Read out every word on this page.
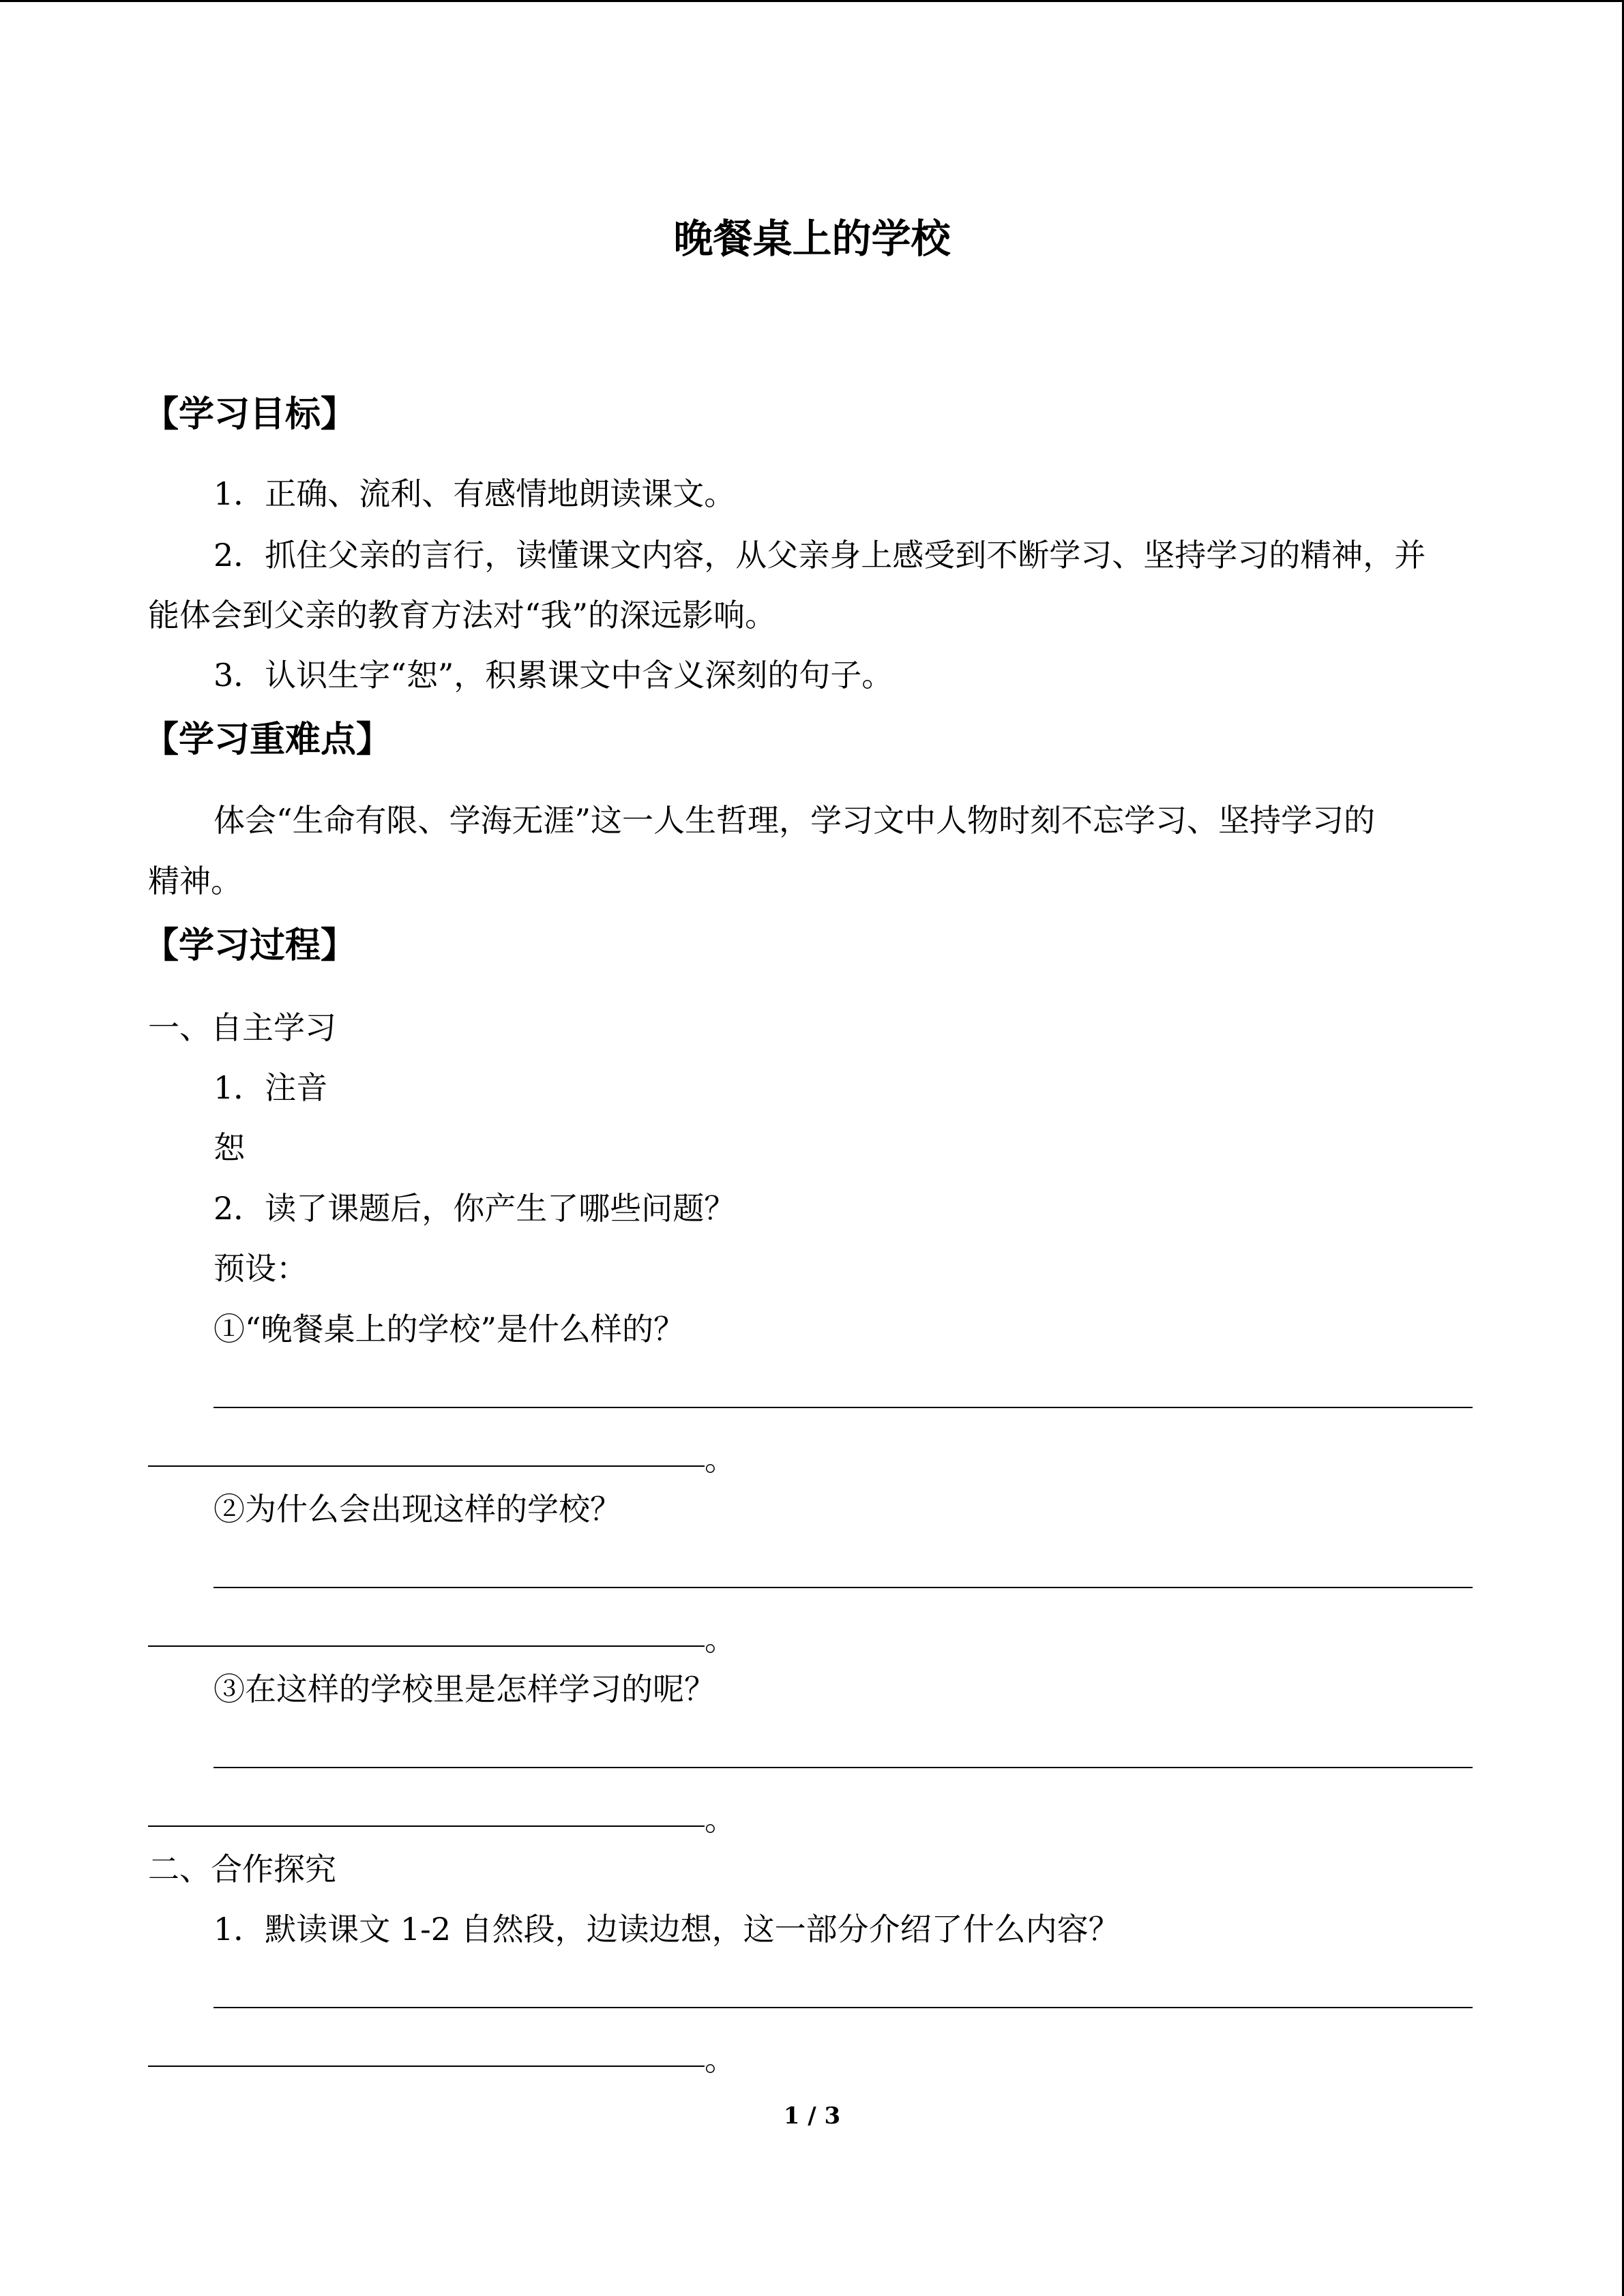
晚餐桌上的学校
【学习目标】
1．正确、流利、有感情地朗读课文。
2．抓住父亲的言行，读懂课文内容，从父亲身上感受到不断学习、坚持学习的精神，并
能体会到父亲的教育方法对“我”的深远影响。
3．认识生字“恕”，积累课文中含义深刻的句子。
【学习重难点】
体会“生命有限、学海无涯”这一人生哲理，学习文中人物时刻不忘学习、坚持学习的
精神。
【学习过程】
一、自主学习
1．注音
恕
2．读了课题后，你产生了哪些问题？
预设：
①“晚餐桌上的学校”是什么样的？
。
②为什么会出现这样的学校？
。
③在这样的学校里是怎样学习的呢？
。
二、合作探究
1．默读课文 1-2 自然段，边读边想，这一部分介绍了什么内容？
。
1 / 3
